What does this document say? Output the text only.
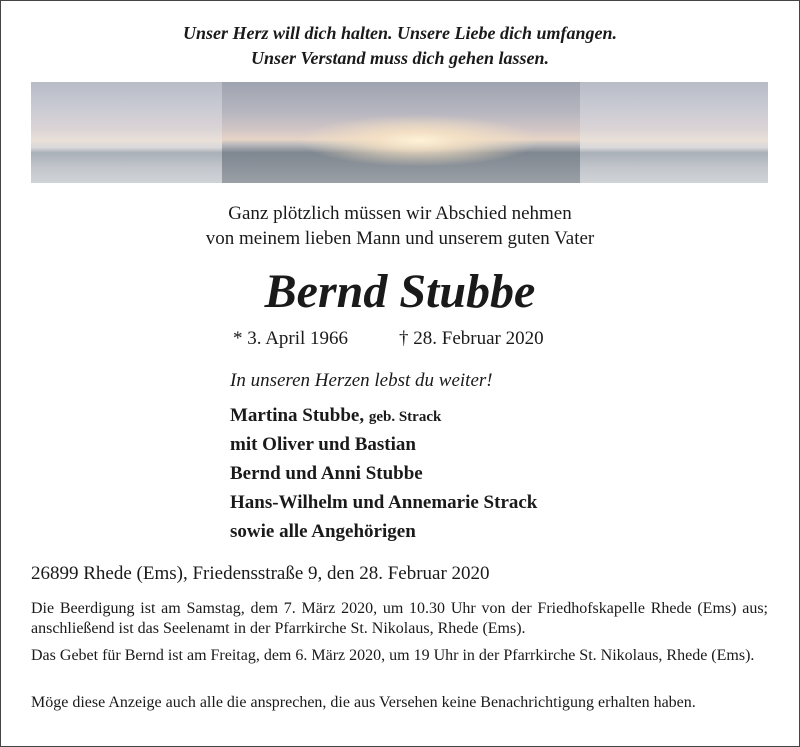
Unser Herz will dich halten. Unsere Liebe dich umfangen.
Unser Verstand muss dich gehen lassen.
Ganz plötzlich müssen wir Abschied nehmen
von meinem lieben Mann und unserem guten Vater
Bernd Stubbe
* 3. April 1966	† 28. Februar 2020
In unseren Herzen lebst du weiter!
Martina Stubbe, geb. Strack
mit Oliver und Bastian
Bernd und Anni Stubbe
Hans-Wilhelm und Annemarie Strack
sowie alle Angehörigen
26899 Rhede (Ems), Friedensstraße 9, den 28. Februar 2020
Die Beerdigung ist am Samstag, dem 7. März 2020, um 10.30 Uhr von der Friedhofskapelle Rhede (Ems) aus; anschließend ist das Seelenamt in der Pfarrkirche St. Nikolaus, Rhede (Ems).
Das Gebet für Bernd ist am Freitag, dem 6. März 2020, um 19 Uhr in der Pfarrkirche St. Nikolaus, Rhede (Ems).
Möge diese Anzeige auch alle die ansprechen, die aus Versehen keine Benachrichtigung erhalten haben.
